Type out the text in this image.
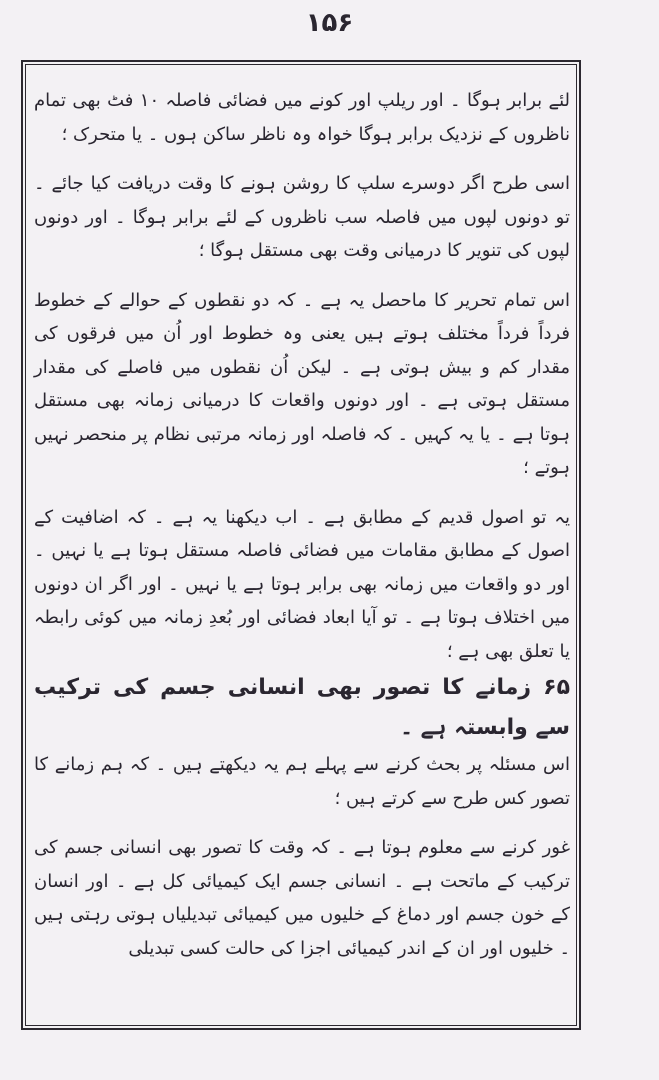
۱۵۶

لئے برابر ہوگا ۔ اور ریلپ اور کونے میں فضائی فاصلہ ۱۰ فٹ بھی تمام ناظروں کے نزدیک برابر ہوگا خواہ وہ ناظر ساکن ہوں ۔ یا متحرک ؛

اسی طرح اگر دوسرے سلپ کا روشن ہونے کا وقت دریافت کیا جائے ۔ تو دونوں لپوں میں فاصلہ سب ناظروں کے لئے برابر ہوگا ۔ اور دونوں لپوں کی تنویر کا درمیانی وقت بھی مستقل ہوگا ؛

اس تمام تحریر کا ماحصل یہ ہے ۔ کہ دو نقطوں کے حوالے کے خطوط فرداً فرداً مختلف ہوتے ہیں یعنی وہ خطوط اور اُن میں فرقوں کی مقدار کم و بیش ہوتی ہے ۔ لیکن اُن نقطوں میں فاصلے کی مقدار مستقل ہوتی ہے ۔ اور دونوں واقعات کا درمیانی زمانہ بھی مستقل ہوتا ہے ۔ یا یہ کہیں ۔ کہ فاصلہ اور زمانہ مرتبی نظام پر منحصر نہیں ہوتے ؛

یہ تو اصول قدیم کے مطابق ہے ۔ اب دیکھنا یہ ہے ۔ کہ اضافیت کے اصول کے مطابق مقامات میں فضائی فاصلہ مستقل ہوتا ہے یا نہیں ۔ اور دو واقعات میں زمانہ بھی برابر ہوتا ہے یا نہیں ۔ اور اگر ان دونوں میں اختلاف ہوتا ہے ۔ تو آیا ابعاد فضائی اور بُعدِ زمانہ میں کوئی رابطہ یا تعلق بھی ہے ؛

۶۵ زمانے کا تصور بھی انسانی جسم کی ترکیب سے وابستہ ہے ۔

اس مسئلہ پر بحث کرنے سے پہلے ہم یہ دیکھتے ہیں ۔ کہ ہم زمانے کا تصور کس طرح سے کرتے ہیں ؛

غور کرنے سے معلوم ہوتا ہے ۔ کہ وقت کا تصور بھی انسانی جسم کی ترکیب کے ماتحت ہے ۔ انسانی جسم ایک کیمیائی کل ہے ۔ اور انسان کے خون جسم اور دماغ کے خلیوں میں کیمیائی تبدیلیاں ہوتی رہتی ہیں ۔ خلیوں اور ان کے اندر کیمیائی اجزا کی حالت کسی تبدیلی
